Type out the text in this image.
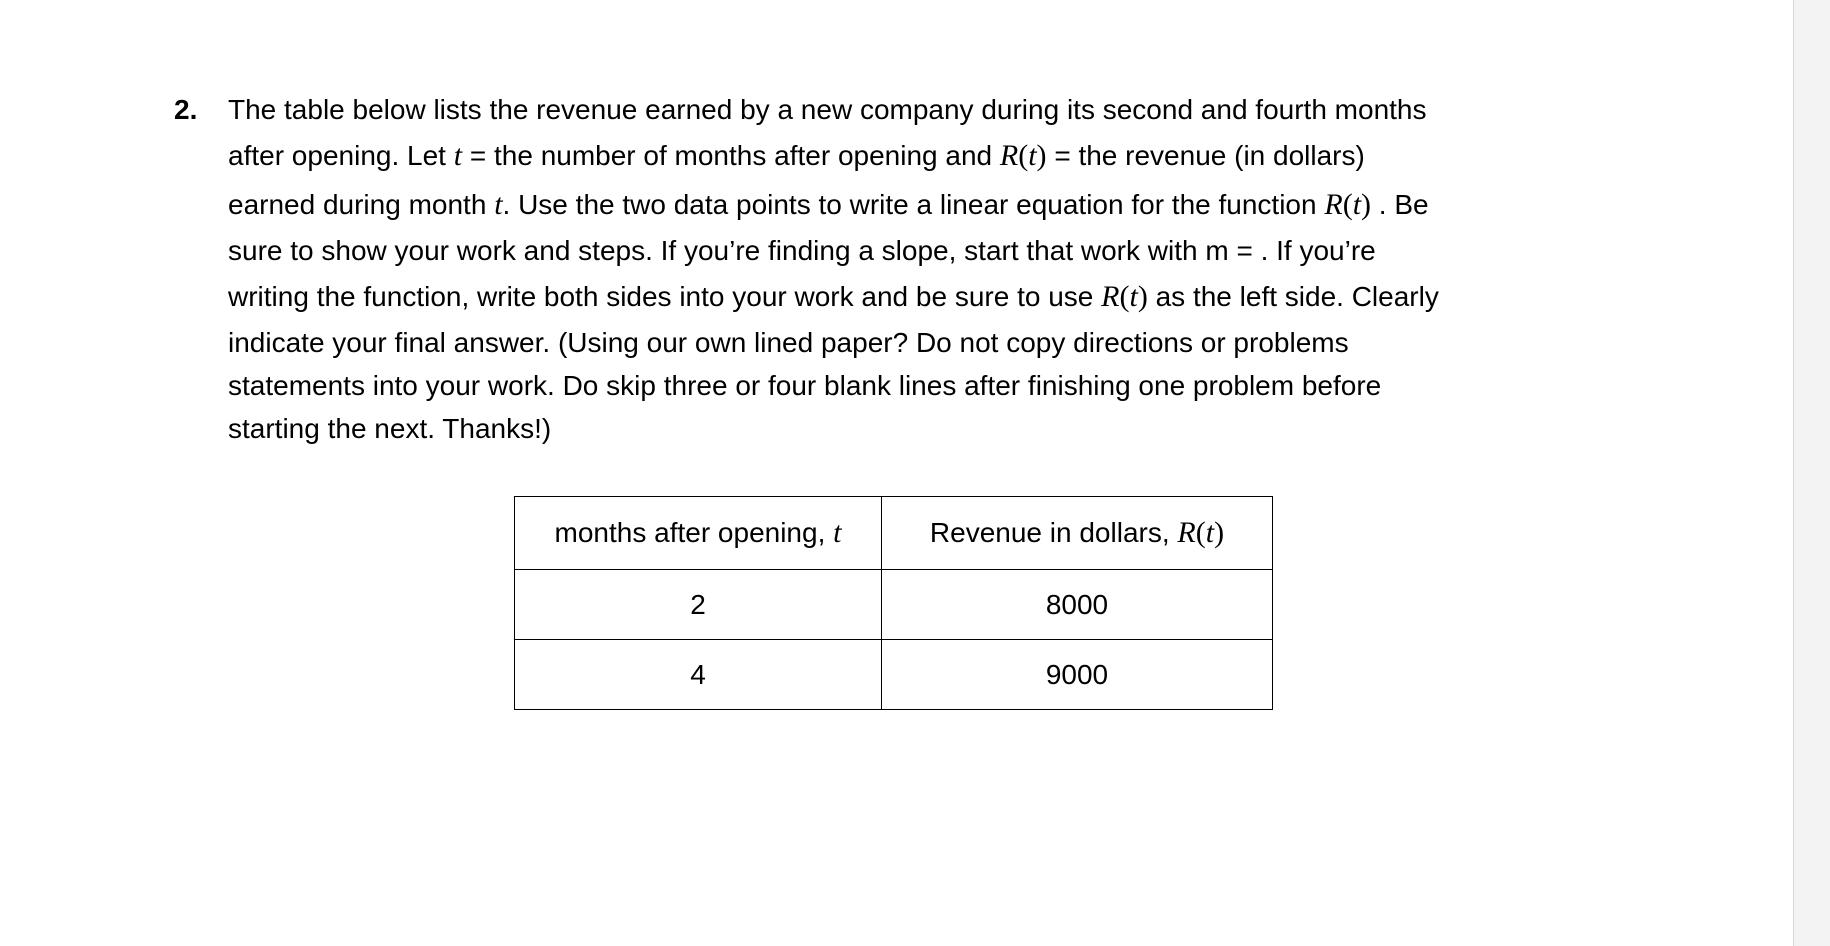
2. The table below lists the revenue earned by a new company during its second and fourth months
after opening. Let t = the number of months after opening and R(t) = the revenue (in dollars)
earned during month t. Use the two data points to write a linear equation for the function R(t) . Be
sure to show your work and steps. If you’re finding a slope, start that work with m = . If you’re
writing the function, write both sides into your work and be sure to use R(t) as the left side. Clearly
indicate your final answer. (Using our own lined paper? Do not copy directions or problems
statements into your work. Do skip three or four blank lines after finishing one problem before
starting the next. Thanks!)
months after opening, t	Revenue in dollars, R(t)
2	8000
4	9000
